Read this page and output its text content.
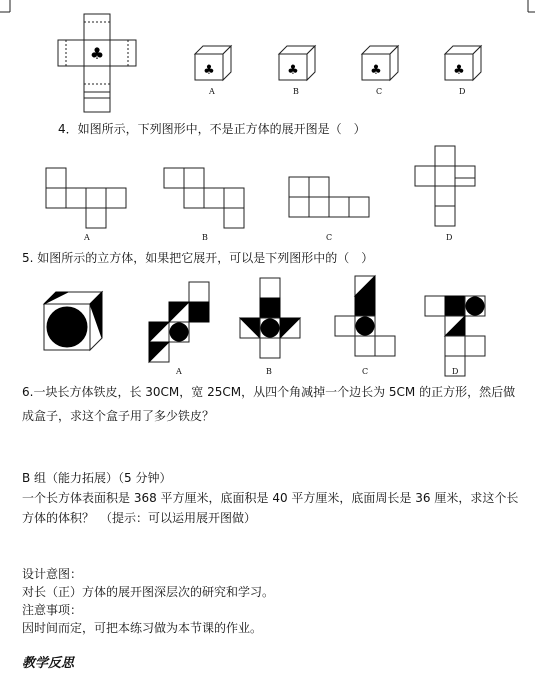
♣
♣
A
♣
B
♣
C
♣
D
4．如图所示，下列图形中，不是正方体的展开图是（　）
A	B	C	D
5. 如图所示的立方体，如果把它展开，可以是下列图形中的（　）
A	B	C	D
6.一块长方体铁皮，长 30CM，宽 25CM，从四个角减掉一个边长为 5CM 的正方形，然后做
成盒子，求这个盒子用了多少铁皮？
B 组（能力拓展）（5 分钟）
一个长方体表面积是 368 平方厘米，底面积是 40 平方厘米，底面周长是 36 厘米，求这个长
方体的体积？　（提示：可以运用展开图做）
设计意图：
对长（正）方体的展开图深层次的研究和学习。
注意事项：
因时间而定，可把本练习做为本节课的作业。
教学反思
